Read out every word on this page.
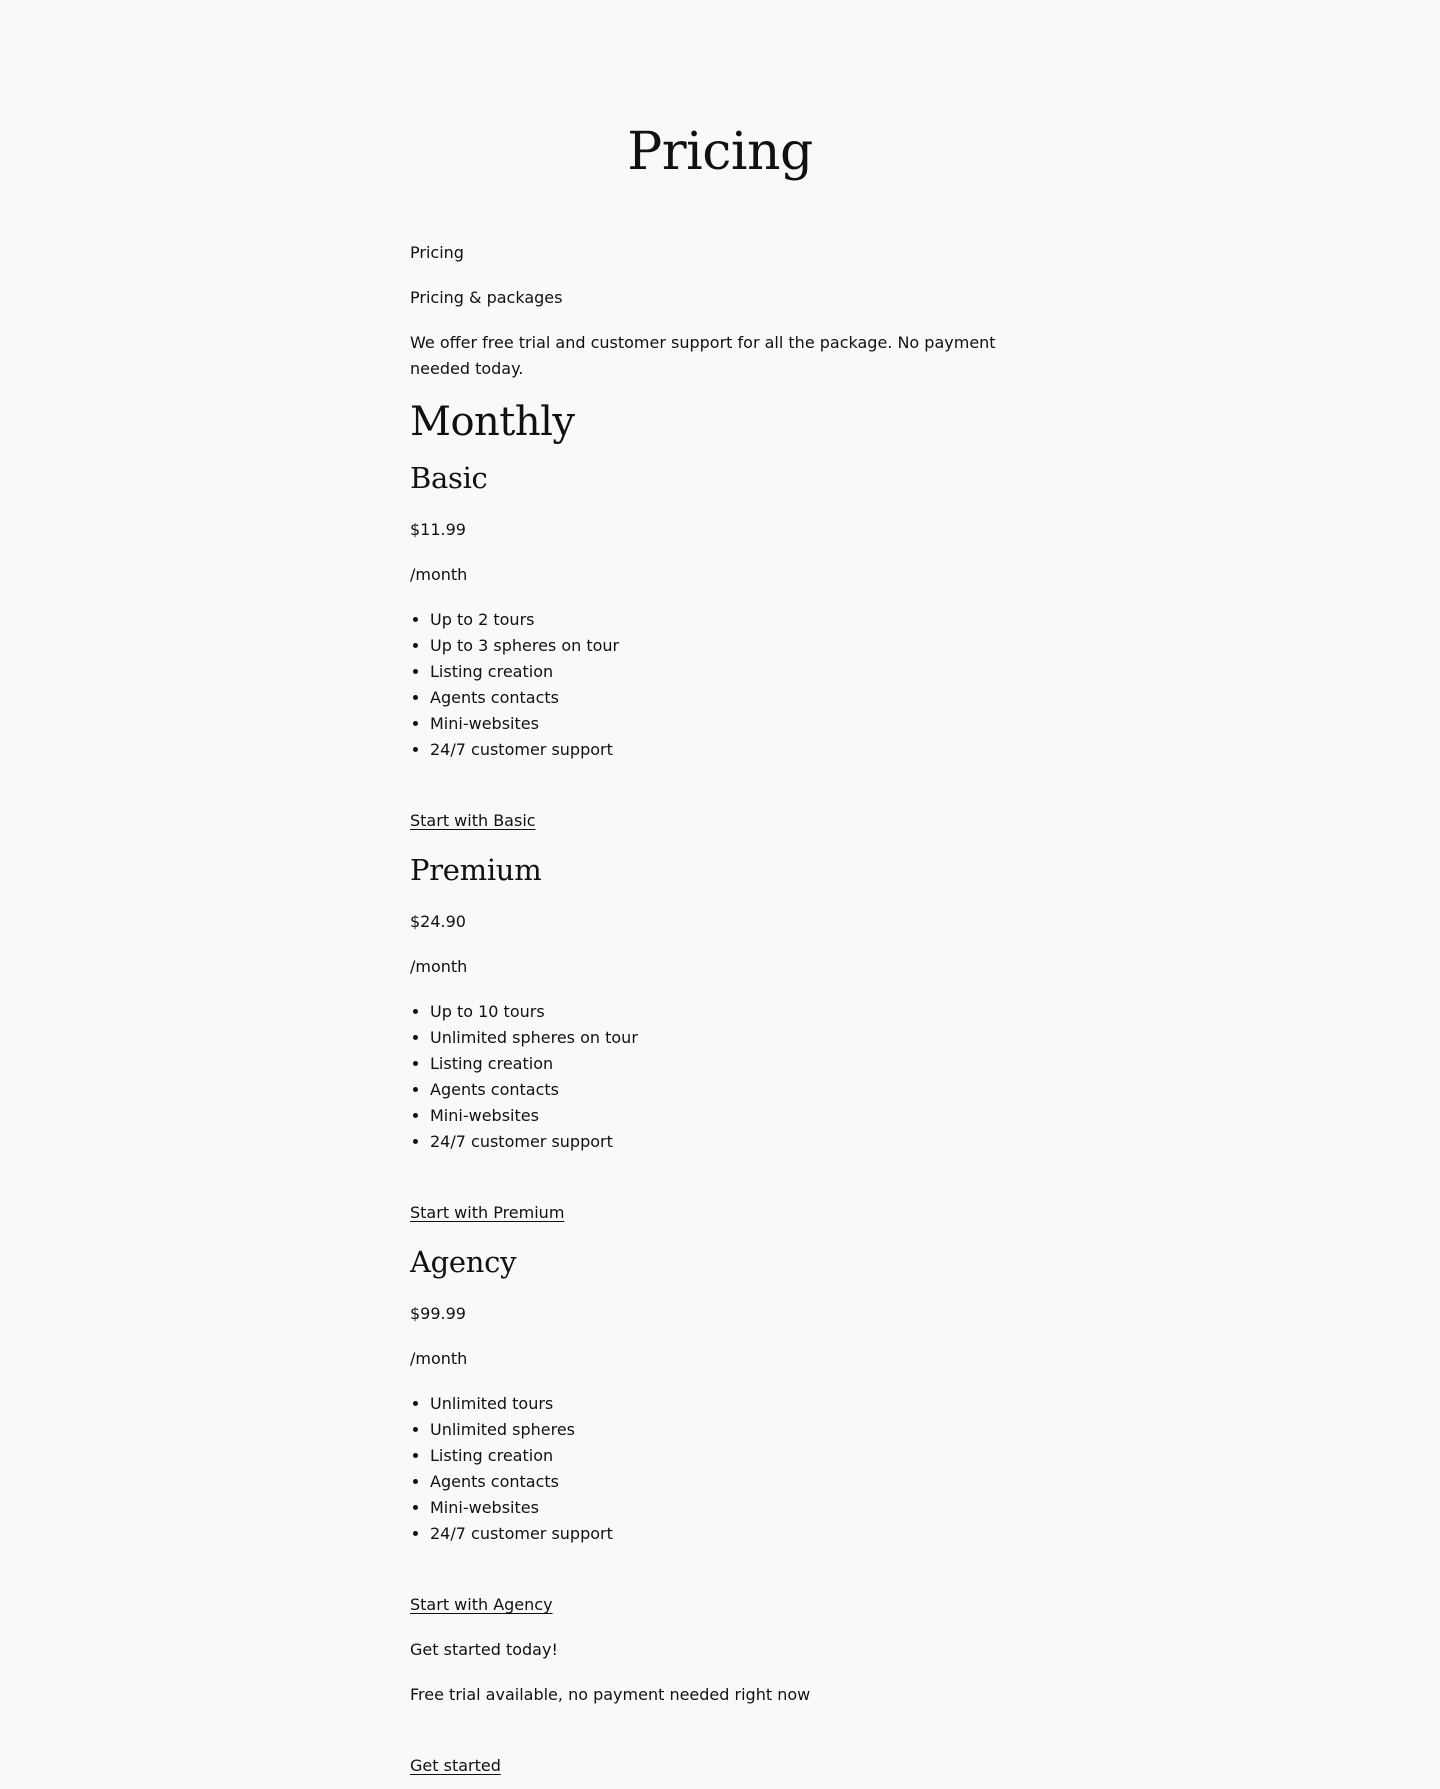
Pricing

Pricing

Pricing & packages

We offer free trial and customer support for all the package. No payment needed today.

Monthly
Basic

$11.99

/month

• Up to 2 tours
• Up to 3 spheres on tour
• Listing creation
• Agents contacts
• Mini-websites
• 24/7 customer support
Start with Basic
Premium

$24.90

/month

• Up to 10 tours
• Unlimited spheres on tour
• Listing creation
• Agents contacts
• Mini-websites
• 24/7 customer support
Start with Premium
Agency

$99.99

/month

• Unlimited tours
• Unlimited spheres
• Listing creation
• Agents contacts
• Mini-websites
• 24/7 customer support
Start with Agency

Get started today!

Free trial available, no payment needed right now

Get started
